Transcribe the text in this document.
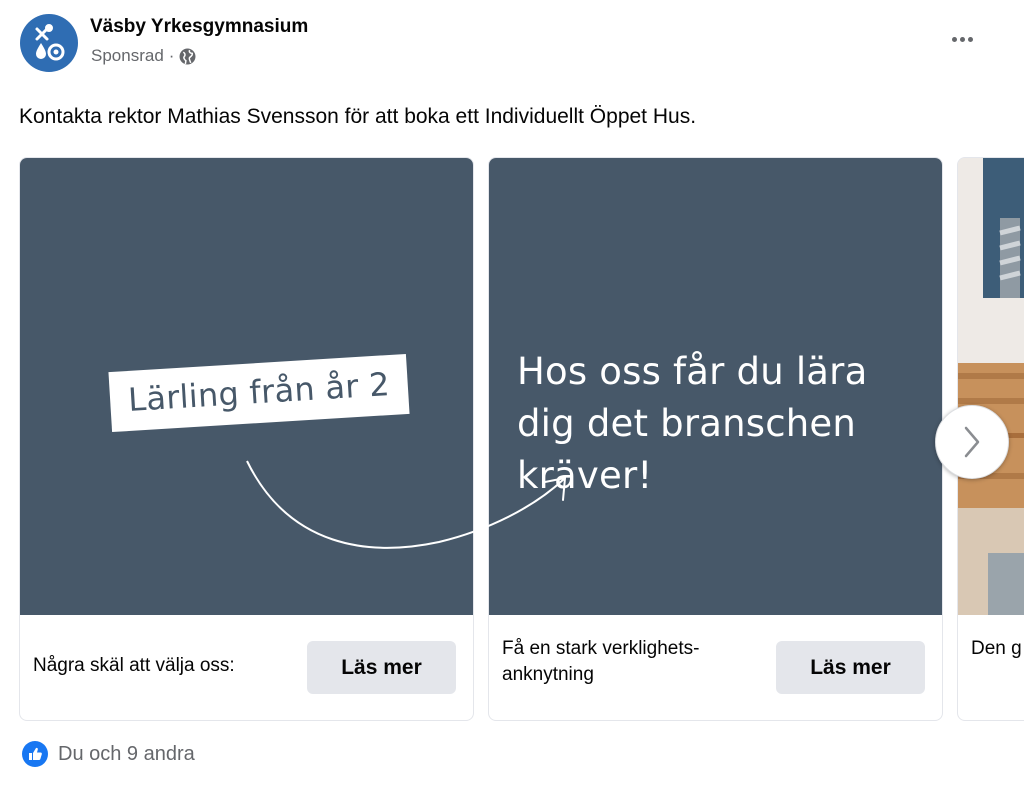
Väsby Yrkesgymnasium
Sponsrad ·
Kontakta rektor Mathias Svensson för att boka ett Individuellt Öppet Hus.
Lärling från år 2
Några skäl att välja oss:	Läs mer
Hos oss får du lära dig det branschen kräver!
Få en stark verklighets-
anknytning	Läs mer
Den g
Du och 9 andra
